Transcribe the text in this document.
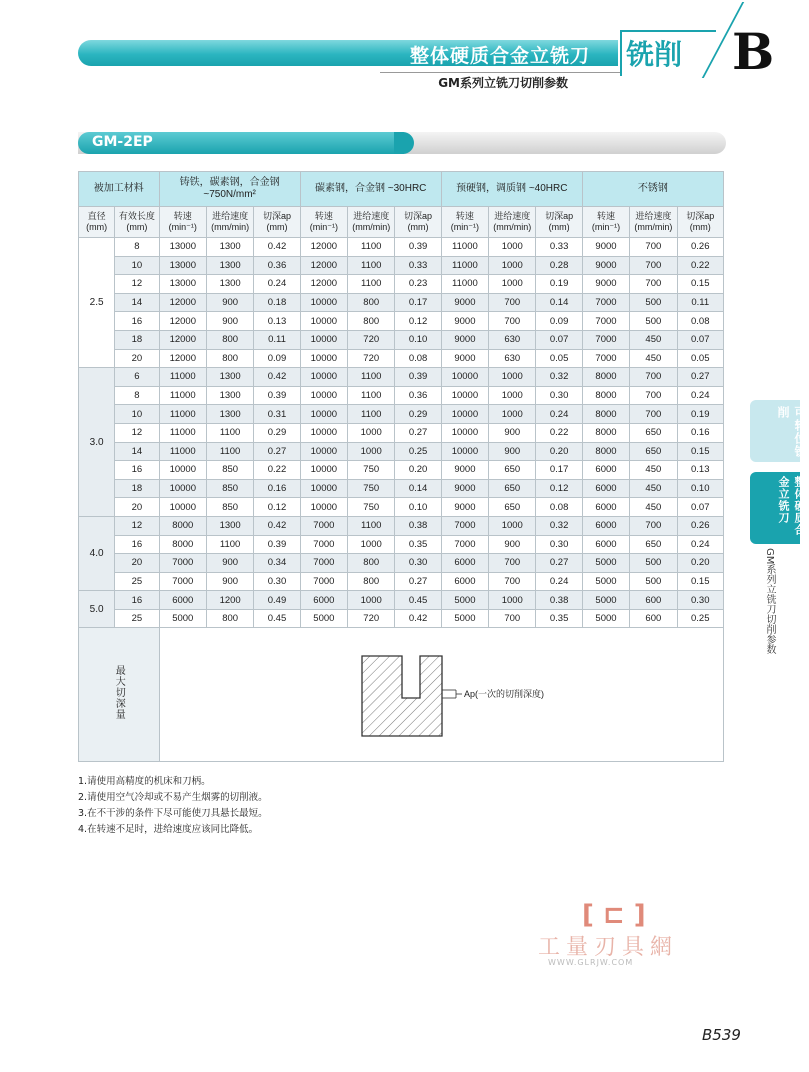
整体硬质合金立铣刀
GM系列立铣刀切削参数
铣削 B
GM-2EP
被加工材料		铸铁，碳素钢，合金钢 ~750N/mm²			碳素钢，合金钢 ~30HRC			预硬钢，调质钢 ~40HRC			不锈钢		
直径 (mm)	有效长度 (mm)	转速 (min⁻¹)	进给速度 (mm/min)	切深ap (mm)	转速 (min⁻¹)	进给速度 (mm/min)	切深ap (mm)	转速 (min⁻¹)	进给速度 (mm/min)	切深ap (mm)	转速 (min⁻¹)	进给速度 (mm/min)	切深ap (mm)
2.5	8	13000	1300	0.42	12000	1100	0.39	11000	1000	0.33	9000	700	0.26
	10	13000	1300	0.36	12000	1100	0.33	11000	1000	0.28	9000	700	0.22
	12	13000	1300	0.24	12000	1100	0.23	11000	1000	0.19	9000	700	0.15
	14	12000	900	0.18	10000	800	0.17	9000	700	0.14	7000	500	0.11
	16	12000	900	0.13	10000	800	0.12	9000	700	0.09	7000	500	0.08
	18	12000	800	0.11	10000	720	0.10	9000	630	0.07	7000	450	0.07
	20	12000	800	0.09	10000	720	0.08	9000	630	0.05	7000	450	0.05
3.0	6	11000	1300	0.42	10000	1100	0.39	10000	1000	0.32	8000	700	0.27
	8	11000	1300	0.39	10000	1100	0.36	10000	1000	0.30	8000	700	0.24
	10	11000	1300	0.31	10000	1100	0.29	10000	1000	0.24	8000	700	0.19
	12	11000	1100	0.29	10000	1000	0.27	10000	900	0.22	8000	650	0.16
	14	11000	1100	0.27	10000	1000	0.25	10000	900	0.20	8000	650	0.15
	16	10000	850	0.22	10000	750	0.20	9000	650	0.17	6000	450	0.13
	18	10000	850	0.16	10000	750	0.14	9000	650	0.12	6000	450	0.10
	20	10000	850	0.12	10000	750	0.10	9000	650	0.08	6000	450	0.07
4.0	12	8000	1300	0.42	7000	1100	0.38	7000	1000	0.32	6000	700	0.26
	16	8000	1100	0.39	7000	1000	0.35	7000	900	0.30	6000	650	0.24
	20	7000	900	0.34	7000	800	0.30	6000	700	0.27	5000	500	0.20
	25	7000	900	0.30	7000	800	0.27	6000	700	0.24	5000	500	0.15
5.0	16	6000	1200	0.49	6000	1000	0.45	5000	1000	0.38	5000	600	0.30
	25	5000	800	0.45	5000	720	0.42	5000	700	0.35	5000	600	0.25
最大切深量		Ap(一次的切削深度)											
1.请使用高精度的机床和刀柄。
2.请使用空气冷却或不易产生烟雾的切削液。
3.在不干涉的条件下尽可能使刀具悬长最短。
4.在转速不足时，进给速度应该同比降低。
可转位铣削
整体硬质合金立铣刀
GM系列立铣刀切削参数
[ ⊏ ]
工量刃具網
WWW.GLRJW.COM
B539
